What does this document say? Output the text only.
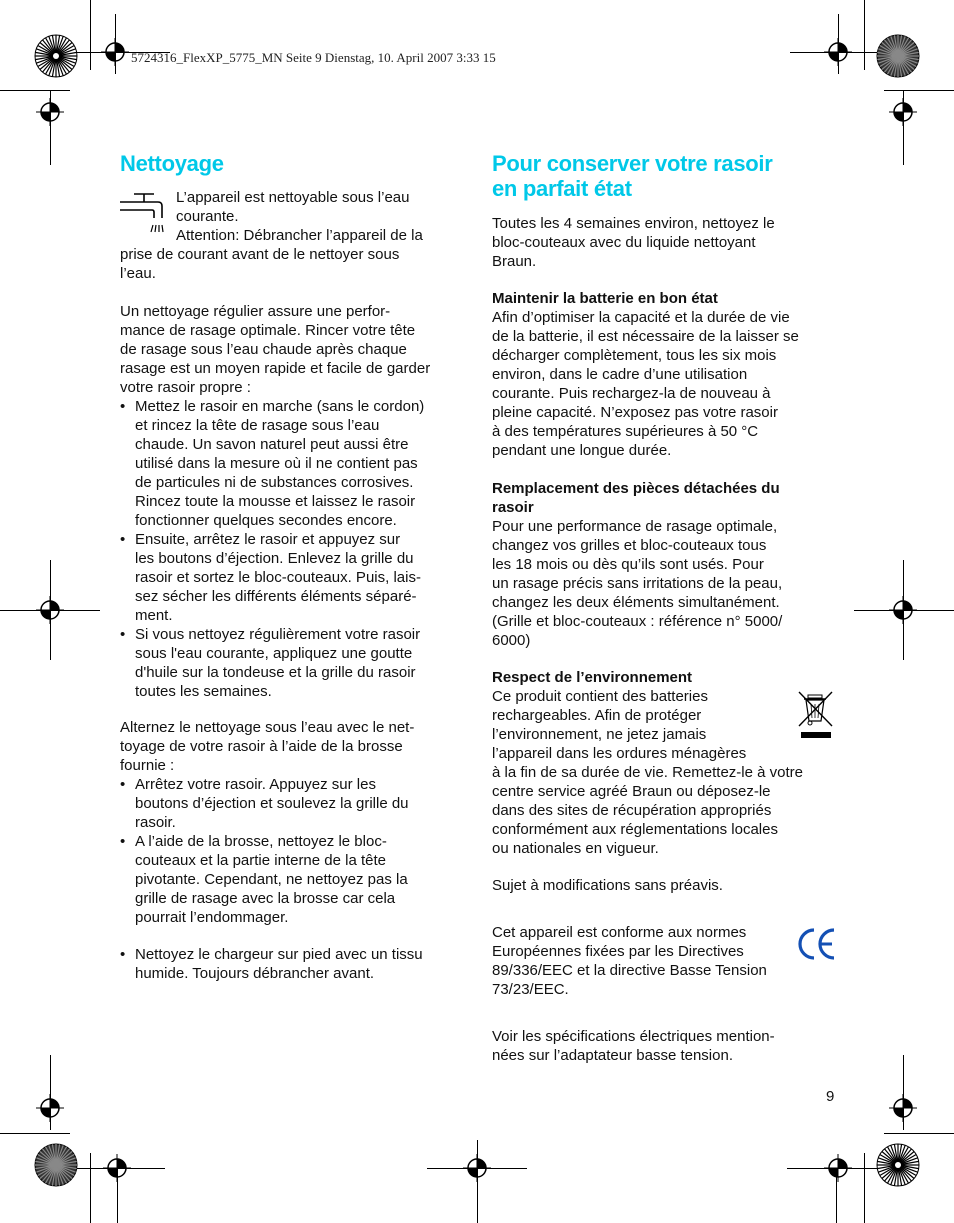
5724316_FlexXP_5775_MN Seite 9 Dienstag, 10. April 2007 3:33 15
Nettoyage

L’appareil est nettoyable sous l’eau

courante.

Attention: Débrancher l’appareil de la

prise de courant avant de le nettoyer sous

l’eau.

Un nettoyage régulier assure une perfor-

mance de rasage optimale. Rincer votre tête

de rasage sous l’eau chaude après chaque

rasage est un moyen rapide et facile de garder

votre rasoir propre :

• Mettez le rasoir en marche (sans le cordon)

et rincez la tête de rasage sous l’eau

chaude. Un savon naturel peut aussi être

utilisé dans la mesure où il ne contient pas

de particules ni de substances corrosives.

Rincez toute la mousse et laissez le rasoir

fonctionner quelques secondes encore.

• Ensuite, arrêtez le rasoir et appuyez sur

les boutons d’éjection. Enlevez la grille du

rasoir et sortez le bloc-couteaux. Puis, lais-

sez sécher les différents éléments séparé-

ment.

• Si vous nettoyez régulièrement votre rasoir

sous l'eau courante, appliquez une goutte

d'huile sur la tondeuse et la grille du rasoir

toutes les semaines.

Alternez le nettoyage sous l’eau avec le net-

toyage de votre rasoir à l’aide de la brosse

fournie :

• Arrêtez votre rasoir. Appuyez sur les

boutons d’éjection et soulevez la grille du

rasoir.

• A l’aide de la brosse, nettoyez le bloc-

couteaux et la partie interne de la tête

pivotante. Cependant, ne nettoyez pas la

grille de rasage avec la brosse car cela

pourrait l’endommager.

• Nettoyez le chargeur sur pied avec un tissu

humide. Toujours débrancher avant.

Pour conserver votre rasoir
en parfait état

Toutes les 4 semaines environ, nettoyez le

bloc-couteaux avec du liquide nettoyant

Braun.

Maintenir la batterie en bon état

Afin d’optimiser la capacité et la durée de vie

de la batterie, il est nécessaire de la laisser se

décharger complètement, tous les six mois

environ, dans le cadre d’une utilisation

courante. Puis rechargez-la de nouveau à

pleine capacité. N’exposez pas votre rasoir

à des températures supérieures à 50 °C

pendant une longue durée.

Remplacement des pièces détachées du

rasoir

Pour une performance de rasage optimale,

changez vos grilles et bloc-couteaux tous

les 18 mois ou dès qu’ils sont usés. Pour

un rasage précis sans irritations de la peau,

changez les deux éléments simultanément.

(Grille et bloc-couteaux : référence n° 5000/

6000)

Respect de l’environnement

Ce produit contient des batteries

rechargeables. Afin de protéger

l’environnement, ne jetez jamais

l’appareil dans les ordures ménagères

à la fin de sa durée de vie. Remettez-le à votre

centre service agréé Braun ou déposez-le

dans des sites de récupération appropriés

conformément aux réglementations locales

ou nationales en vigueur.

Sujet à modifications sans préavis.

Cet appareil est conforme aux normes

Européennes fixées par les Directives

89/336/EEC et la directive Basse Tension

73/23/EEC.

Voir les spécifications électriques mention-

nées sur l’adaptateur basse tension.

9
